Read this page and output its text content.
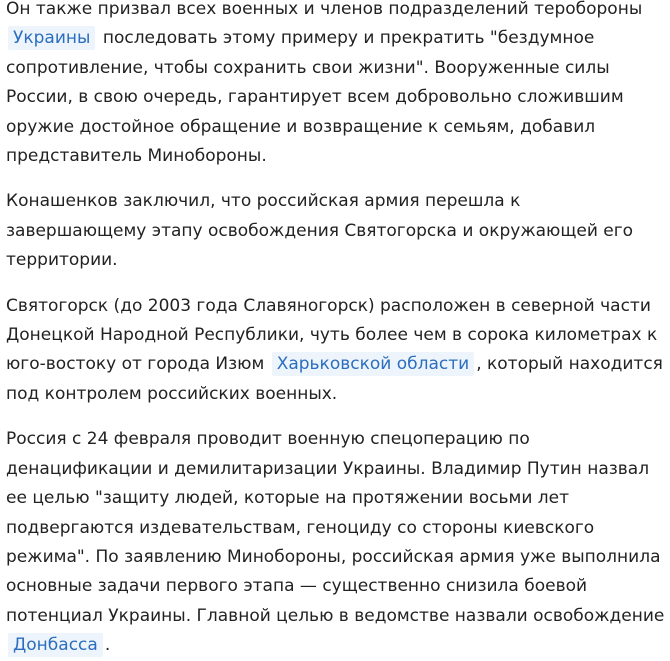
Он также призвал всех военных и членов подразделений теробороны Украины последовать этому примеру и прекратить "бездумное сопротивление, чтобы сохранить свои жизни". Вооруженные силы России, в свою очередь, гарантирует всем добровольно сложившим оружие достойное обращение и возвращение к семьям, добавил представитель Минобороны.

Конашенков заключил, что российская армия перешла к завершающему этапу освобождения Святогорска и окружающей его территории.

Святогорск (до 2003 года Славяногорск) расположен в северной части Донецкой Народной Республики, чуть более чем в сорока километрах к юго-востоку от города Изюм Харьковской области , который находится под контролем российских военных.

Россия с 24 февраля проводит военную спецоперацию по денацификации и демилитаризации Украины. Владимир Путин назвал ее целью "защиту людей, которые на протяжении восьми лет подвергаются издевательствам, геноциду со стороны киевского режима". По заявлению Минобороны, российская армия уже выполнила основные задачи первого этапа — существенно снизила боевой потенциал Украины. Главной целью в ведомстве назвали освобождение Донбасса .
